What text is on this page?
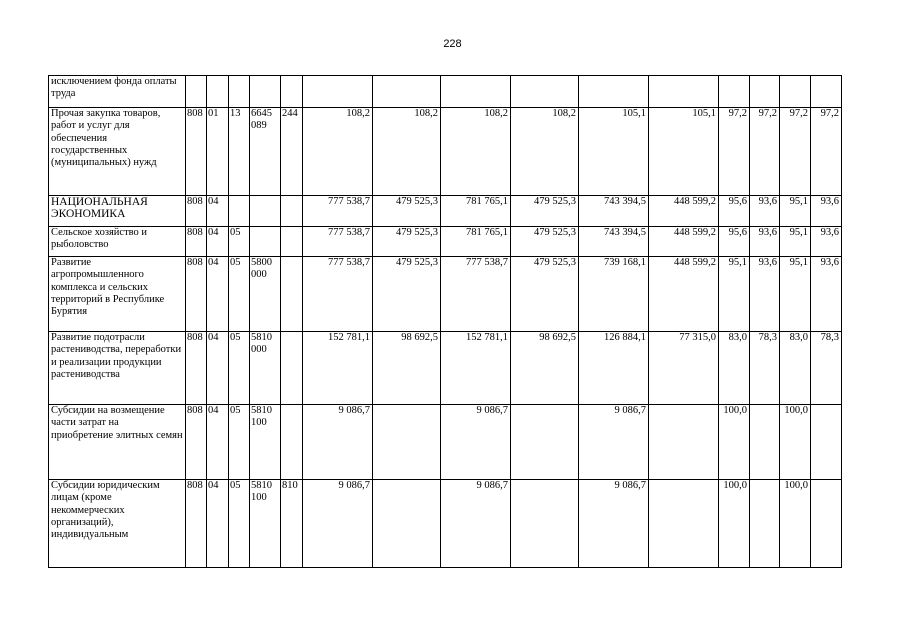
228
исключением фонда оплаты труда															
Прочая закупка товаров, работ и услуг для обеспечения государственных (муниципальных) нужд	808	01	13	6645 089	244	108,2	108,2	108,2	108,2	105,1	105,1	97,2	97,2	97,2	97,2
НАЦИОНАЛЬНАЯ ЭКОНОМИКА	808	04				777 538,7	479 525,3	781 765,1	479 525,3	743 394,5	448 599,2	95,6	93,6	95,1	93,6
Сельское хозяйство и рыболовство	808	04	05			777 538,7	479 525,3	781 765,1	479 525,3	743 394,5	448 599,2	95,6	93,6	95,1	93,6
Развитие агропромышленного комплекса и сельских территорий в Республике Бурятия	808	04	05	5800 000		777 538,7	479 525,3	777 538,7	479 525,3	739 168,1	448 599,2	95,1	93,6	95,1	93,6
Развитие подотрасли растениводства, переработки и реализации продукции растениводства	808	04	05	5810 000		152 781,1	98 692,5	152 781,1	98 692,5	126 884,1	77 315,0	83,0	78,3	83,0	78,3
Субсидии на возмещение части затрат на приобретение элитных семян	808	04	05	5810 100		9 086,7		9 086,7		9 086,7		100,0		100,0	
Субсидии юридическим лицам (кроме некоммерческих организаций), индивидуальным	808	04	05	5810 100	810	9 086,7		9 086,7		9 086,7		100,0		100,0	
